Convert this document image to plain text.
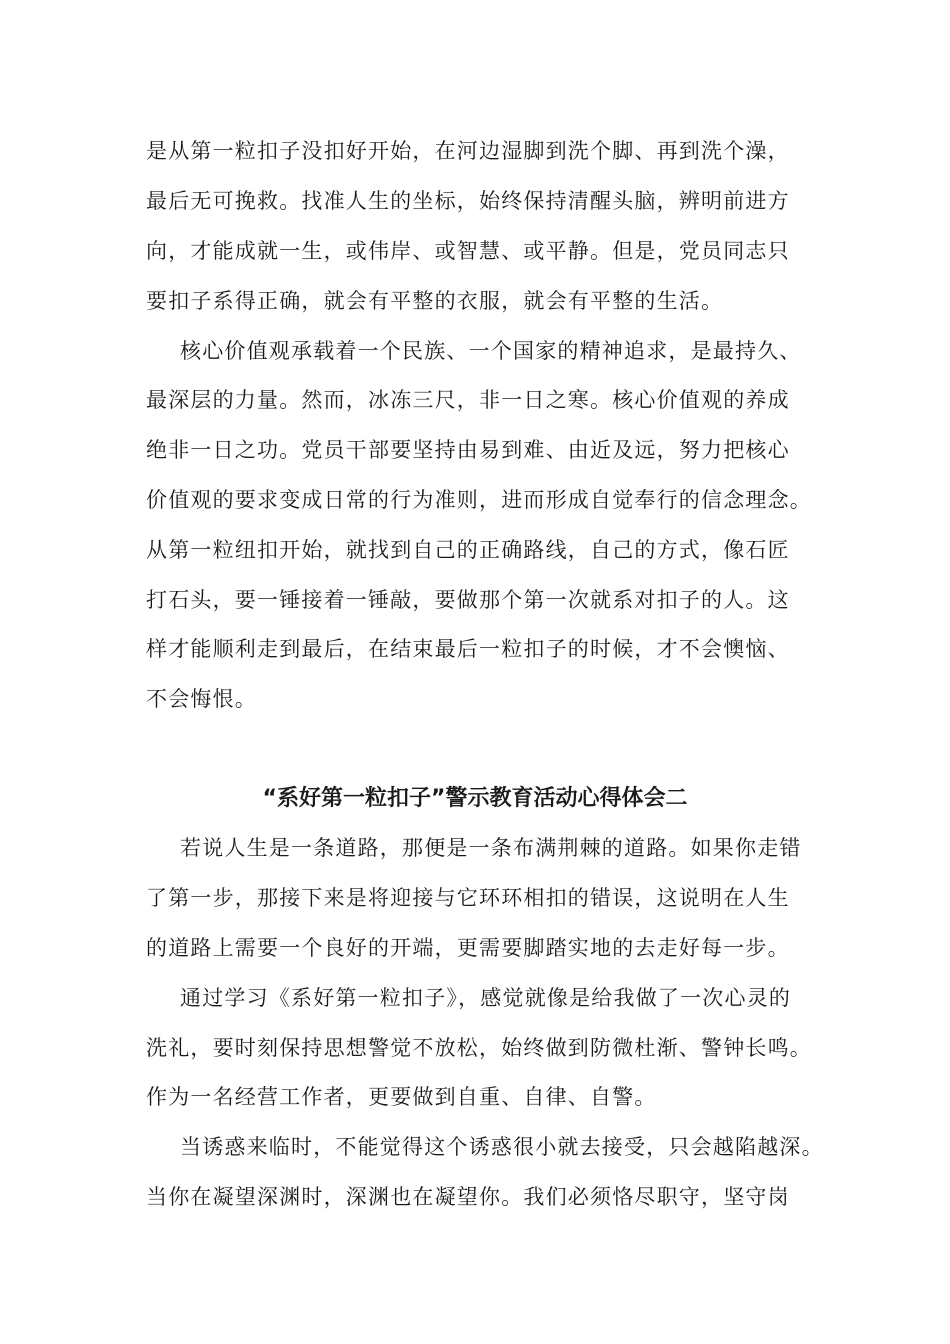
是从第一粒扣子没扣好开始，在河边湿脚到洗个脚、再到洗个澡，
最后无可挽救。找准人生的坐标，始终保持清醒头脑，辨明前进方
向，才能成就一生，或伟岸、或智慧、或平静。但是，党员同志只
要扣子系得正确，就会有平整的衣服，就会有平整的生活。
核心价值观承载着一个民族、一个国家的精神追求，是最持久、
最深层的力量。然而，冰冻三尺，非一日之寒。核心价值观的养成
绝非一日之功。党员干部要坚持由易到难、由近及远，努力把核心
价值观的要求变成日常的行为准则，进而形成自觉奉行的信念理念。
从第一粒纽扣开始，就找到自己的正确路线，自己的方式，像石匠
打石头，要一锤接着一锤敲，要做那个第一次就系对扣子的人。这
样才能顺利走到最后，在结束最后一粒扣子的时候，才不会懊恼、
不会悔恨。
“系好第一粒扣子”警示教育活动心得体会二
若说人生是一条道路，那便是一条布满荆棘的道路。如果你走错
了第一步，那接下来是将迎接与它环环相扣的错误，这说明在人生
的道路上需要一个良好的开端，更需要脚踏实地的去走好每一步。
通过学习《系好第一粒扣子》，感觉就像是给我做了一次心灵的
洗礼，要时刻保持思想警觉不放松，始终做到防微杜渐、警钟长鸣。
作为一名经营工作者，更要做到自重、自律、自警。
当诱惑来临时，不能觉得这个诱惑很小就去接受，只会越陷越深。
当你在凝望深渊时，深渊也在凝望你。我们必须恪尽职守，坚守岗
